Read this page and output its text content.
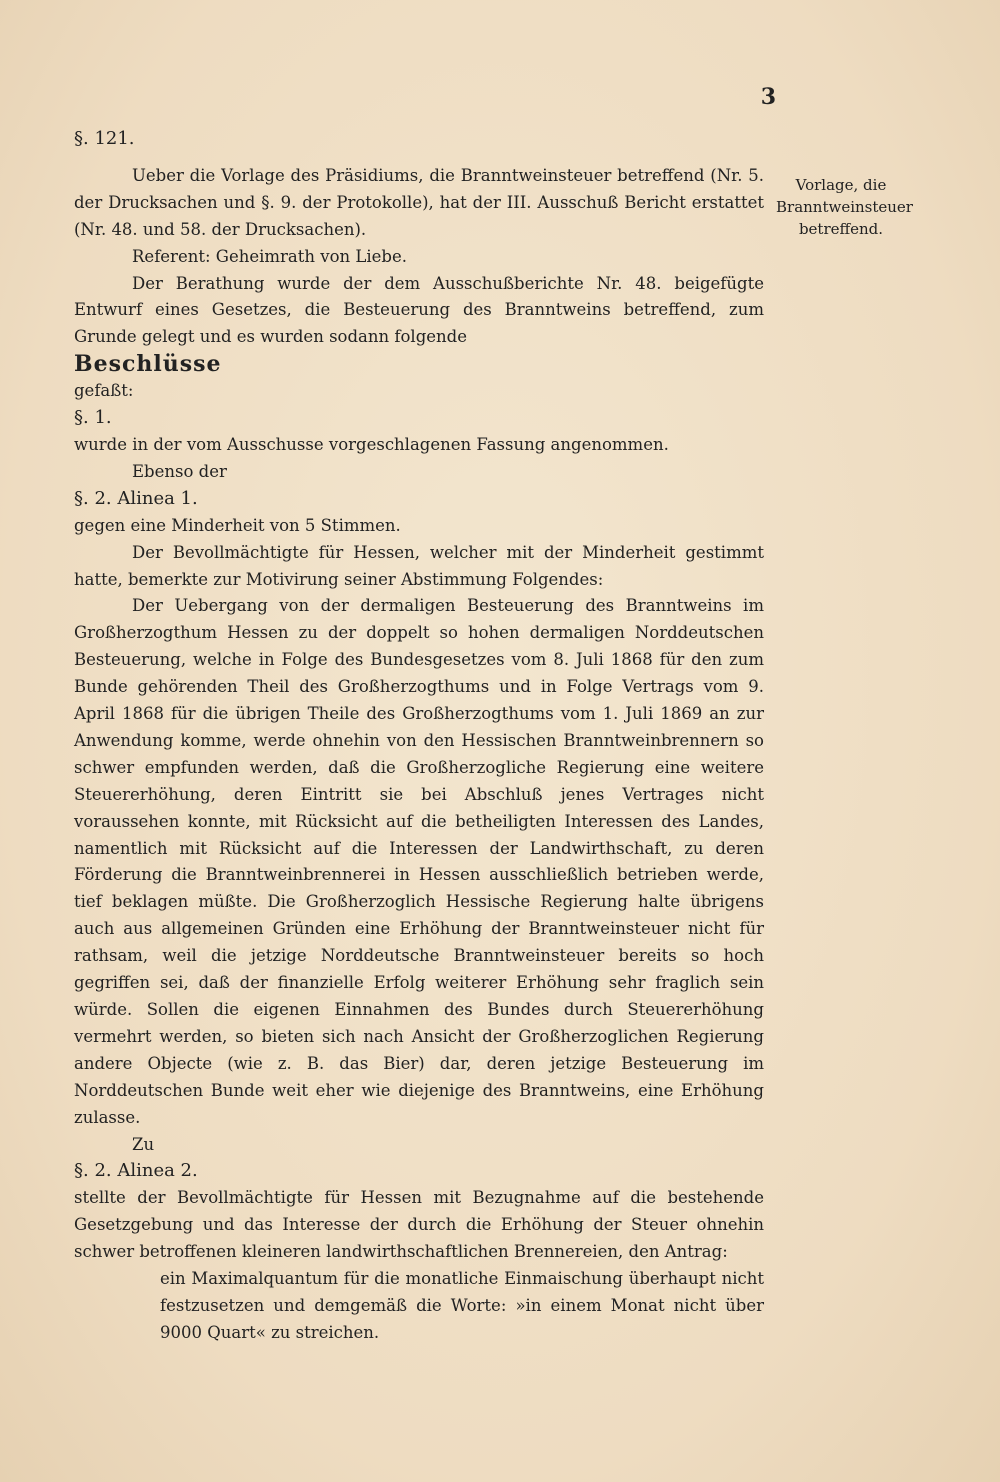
3
Vorlage, die Branntweinsteuer betreffend.

§. 121.

Ueber die Vorlage des Präsidiums, die Branntweinsteuer betreffend (Nr. 5. der Drucksachen und §. 9. der Protokolle), hat der III. Ausschuß Bericht erstattet (Nr. 48. und 58. der Drucksachen).

Referent: Geheimrath von Liebe.

Der Berathung wurde der dem Ausschußberichte Nr. 48. beigefügte Entwurf eines Gesetzes, die Besteuerung des Branntweins betreffend, zum Grunde gelegt und es wurden sodann folgende

Beschlüsse

gefaßt:

§. 1.

wurde in der vom Ausschusse vorgeschlagenen Fassung angenommen.

Ebenso der

§. 2. Alinea 1.

gegen eine Minderheit von 5 Stimmen.

Der Bevollmächtigte für Hessen, welcher mit der Minderheit gestimmt hatte, bemerkte zur Motivirung seiner Abstimmung Folgendes:

Der Uebergang von der dermaligen Besteuerung des Branntweins im Großherzogthum Hessen zu der doppelt so hohen dermaligen Norddeutschen Besteuerung, welche in Folge des Bundesgesetzes vom 8. Juli 1868 für den zum Bunde gehörenden Theil des Großherzogthums und in Folge Vertrags vom 9. April 1868 für die übrigen Theile des Großherzogthums vom 1. Juli 1869 an zur Anwendung komme, werde ohnehin von den Hessischen Branntweinbrennern so schwer empfunden werden, daß die Großherzogliche Regierung eine weitere Steuererhöhung, deren Eintritt sie bei Abschluß jenes Vertrages nicht voraussehen konnte, mit Rücksicht auf die betheiligten Interessen des Landes, namentlich mit Rücksicht auf die Interessen der Landwirthschaft, zu deren Förderung die Branntweinbrennerei in Hessen ausschließlich betrieben werde, tief beklagen müßte. Die Großherzoglich Hessische Regierung halte übrigens auch aus allgemeinen Gründen eine Erhöhung der Branntweinsteuer nicht für rathsam, weil die jetzige Norddeutsche Branntweinsteuer bereits so hoch gegriffen sei, daß der finanzielle Erfolg weiterer Erhöhung sehr fraglich sein würde. Sollen die eigenen Einnahmen des Bundes durch Steuererhöhung vermehrt werden, so bieten sich nach Ansicht der Großherzoglichen Regierung andere Objecte (wie z. B. das Bier) dar, deren jetzige Besteuerung im Norddeutschen Bunde weit eher wie diejenige des Branntweins, eine Erhöhung zulasse.

Zu

§. 2. Alinea 2.

stellte der Bevollmächtigte für Hessen mit Bezugnahme auf die bestehende Gesetzgebung und das Interesse der durch die Erhöhung der Steuer ohnehin schwer betroffenen kleineren landwirthschaftlichen Brennereien, den Antrag:

ein Maximalquantum für die monatliche Einmaischung überhaupt nicht festzusetzen und demgemäß die Worte: »in einem Monat nicht über 9000 Quart« zu streichen.
